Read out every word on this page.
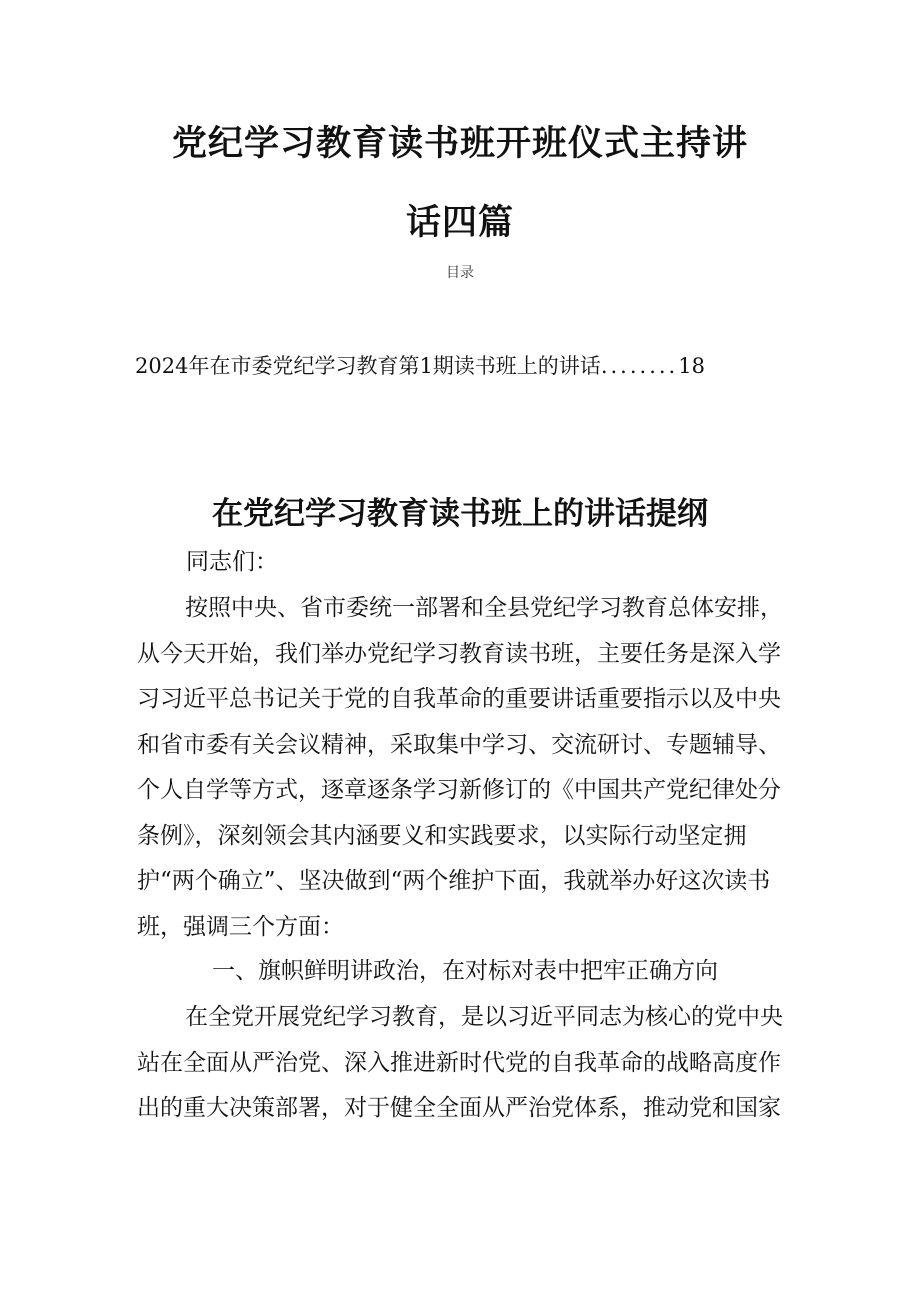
党纪学习教育读书班开班仪式主持讲
话四篇
目录
2024年在市委党纪学习教育第1期读书班上的讲话........18
在党纪学习教育读书班上的讲话提纲

同志们：

按照中央、省市委统一部署和全县党纪学习教育总体安排，从今天开始，我们举办党纪学习教育读书班，主要任务是深入学习习近平总书记关于党的自我革命的重要讲话重要指示以及中央和省市委有关会议精神，采取集中学习、交流研讨、专题辅导、个人自学等方式，逐章逐条学习新修订的《中国共产党纪律处分条例》，深刻领会其内涵要义和实践要求，以实际行动坚定拥护“两个确立”、坚决做到“两个维护下面，我就举办好这次读书班，强调三个方面：

一、旗帜鲜明讲政治，在对标对表中把牢正确方向

在全党开展党纪学习教育，是以习近平同志为核心的党中央站在全面从严治党、深入推进新时代党的自我革命的战略高度作出的重大决策部署，对于健全全面从严治党体系，推动党和国家
